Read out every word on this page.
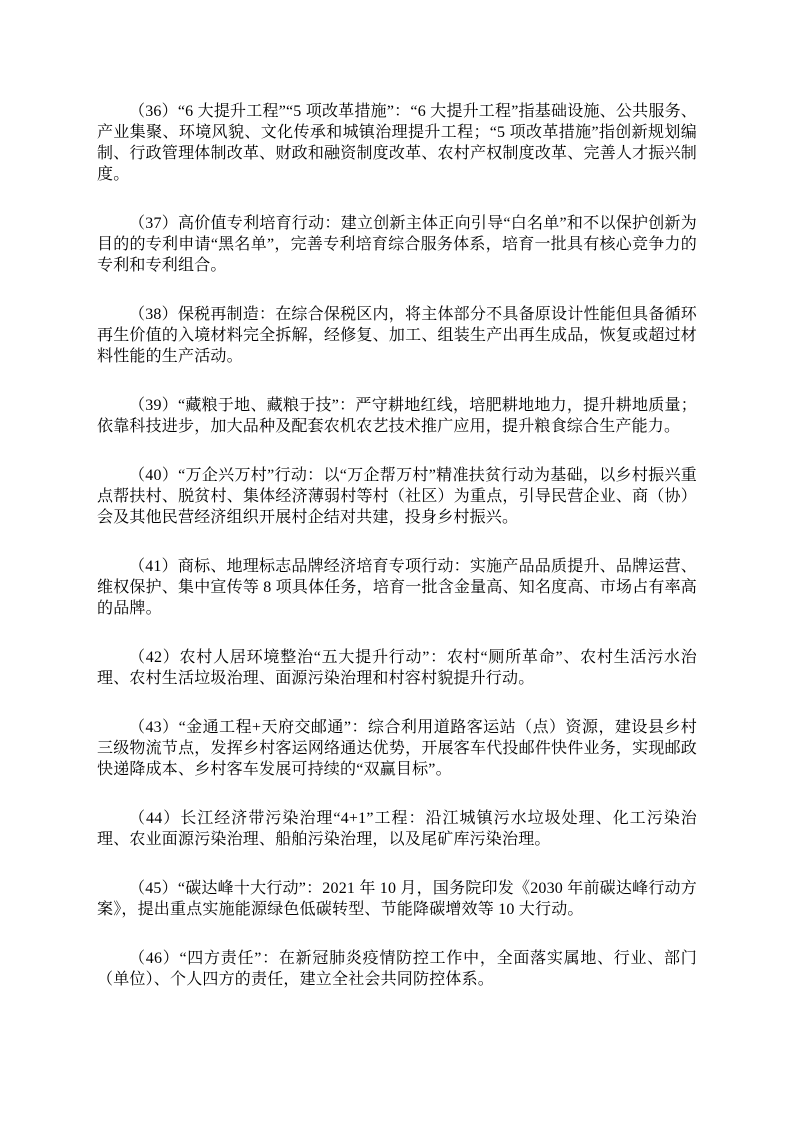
（36）“6 大提升工程”“5 项改革措施”：“6 大提升工程”指基础设施、公共服务、产业集聚、环境风貌、文化传承和城镇治理提升工程；“5 项改革措施”指创新规划编制、行政管理体制改革、财政和融资制度改革、农村产权制度改革、完善人才振兴制度。

（37）高价值专利培育行动：建立创新主体正向引导“白名单”和不以保护创新为目的的专利申请“黑名单”，完善专利培育综合服务体系，培育一批具有核心竞争力的专利和专利组合。

（38）保税再制造：在综合保税区内，将主体部分不具备原设计性能但具备循环再生价值的入境材料完全拆解，经修复、加工、组装生产出再生成品，恢复或超过材料性能的生产活动。

（39）“藏粮于地、藏粮于技”：严守耕地红线，培肥耕地地力，提升耕地质量；依靠科技进步，加大品种及配套农机农艺技术推广应用，提升粮食综合生产能力。

（40）“万企兴万村”行动：以“万企帮万村”精准扶贫行动为基础，以乡村振兴重点帮扶村、脱贫村、集体经济薄弱村等村（社区）为重点，引导民营企业、商（协）会及其他民营经济组织开展村企结对共建，投身乡村振兴。

（41）商标、地理标志品牌经济培育专项行动：实施产品品质提升、品牌运营、维权保护、集中宣传等 8 项具体任务，培育一批含金量高、知名度高、市场占有率高的品牌。

（42）农村人居环境整治“五大提升行动”：农村“厕所革命”、农村生活污水治理、农村生活垃圾治理、面源污染治理和村容村貌提升行动。

（43）“金通工程+天府交邮通”：综合利用道路客运站（点）资源，建设县乡村三级物流节点，发挥乡村客运网络通达优势，开展客车代投邮件快件业务，实现邮政快递降成本、乡村客车发展可持续的“双赢目标”。

（44）长江经济带污染治理“4+1”工程：沿江城镇污水垃圾处理、化工污染治理、农业面源污染治理、船舶污染治理，以及尾矿库污染治理。

（45）“碳达峰十大行动”：2021 年 10 月，国务院印发《2030 年前碳达峰行动方案》，提出重点实施能源绿色低碳转型、节能降碳增效等 10 大行动。

（46）“四方责任”：在新冠肺炎疫情防控工作中，全面落实属地、行业、部门（单位）、个人四方的责任，建立全社会共同防控体系。
